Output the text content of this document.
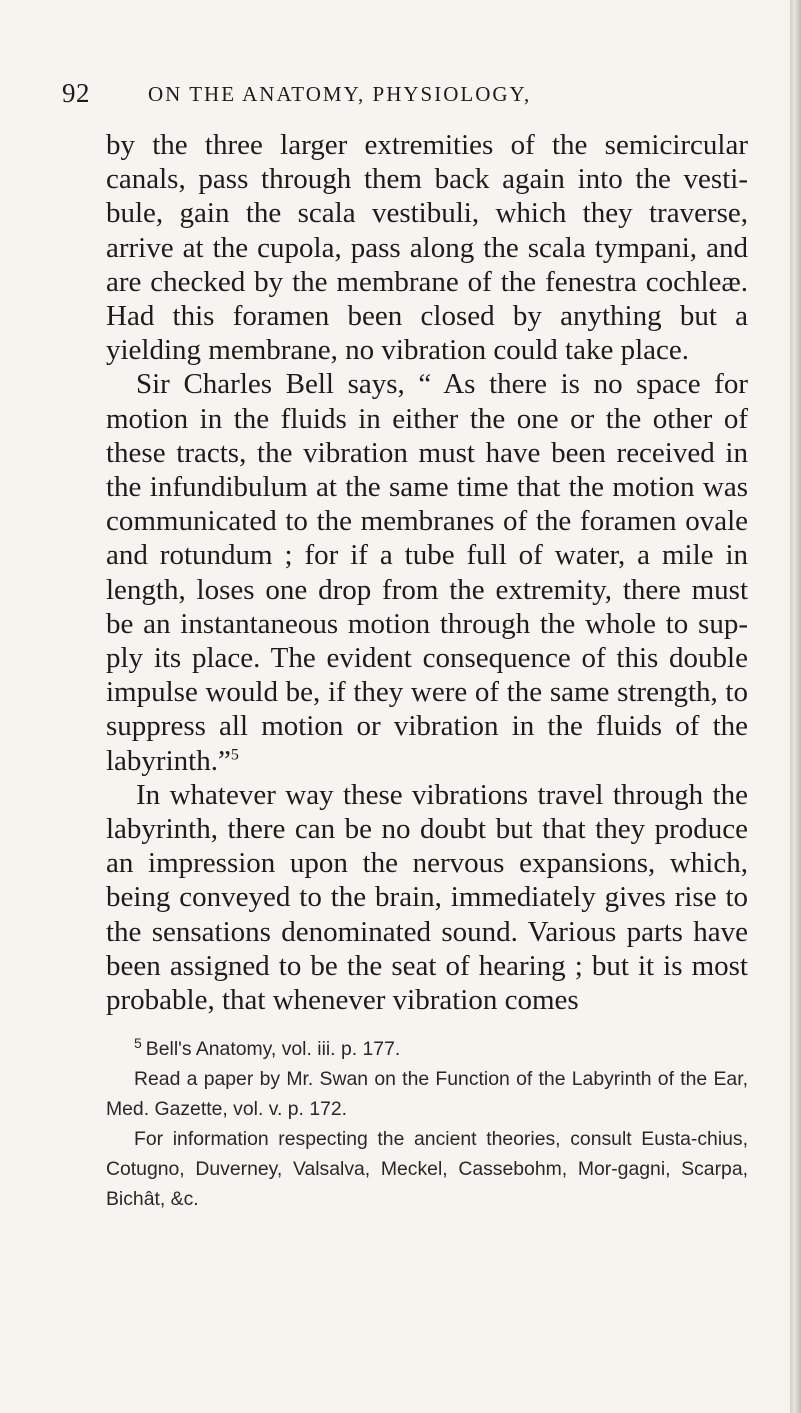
92	ON THE ANATOMY, PHYSIOLOGY,

by the three larger extremities of the semicircular canals, pass through them back again into the vesti-bule, gain the scala vestibuli, which they traverse, arrive at the cupola, pass along the scala tympani, and are checked by the membrane of the fenestra cochleæ. Had this foramen been closed by anything but a yielding membrane, no vibration could take place.

Sir Charles Bell says, “ As there is no space for motion in the fluids in either the one or the other of these tracts, the vibration must have been received in the infundibulum at the same time that the motion was communicated to the membranes of the foramen ovale and rotundum ; for if a tube full of water, a mile in length, loses one drop from the extremity, there must be an instantaneous motion through the whole to sup-ply its place. The evident consequence of this double impulse would be, if they were of the same strength, to suppress all motion or vibration in the fluids of the labyrinth.”$^5$

In whatever way these vibrations travel through the labyrinth, there can be no doubt but that they produce an impression upon the nervous expansions, which, being conveyed to the brain, immediately gives rise to the sensations denominated sound. Various parts have been assigned to be the seat of hearing ; but it is most probable, that whenever vibration comes

$^5$ Bell's Anatomy, vol. iii. p. 177.

Read a paper by Mr. Swan on the Function of the Labyrinth of the Ear, Med. Gazette, vol. v. p. 172.

For information respecting the ancient theories, consult Eusta-chius, Cotugno, Duverney, Valsalva, Meckel, Cassebohm, Mor-gagni, Scarpa, Bichât, &c.
